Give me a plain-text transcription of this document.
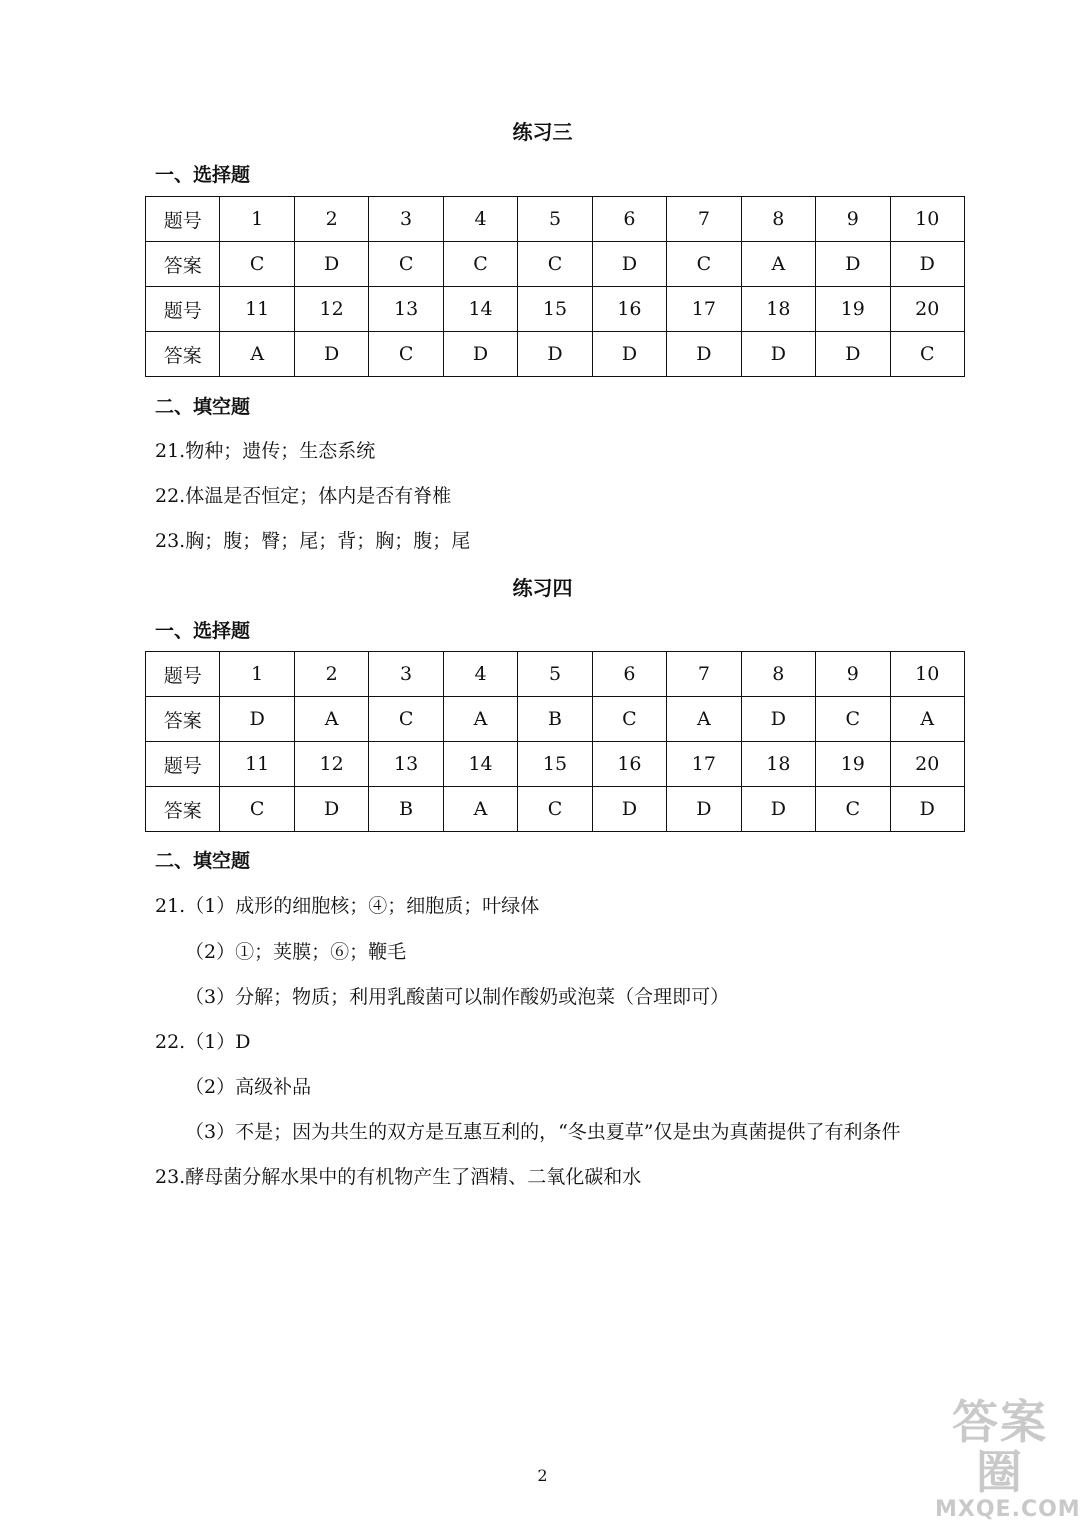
练习三
一、选择题
题号	1	2	3	4	5	6	7	8	9	10
答案	C	D	C	C	C	D	C	A	D	D
题号	11	12	13	14	15	16	17	18	19	20
答案	A	D	C	D	D	D	D	D	D	C
二、填空题
21.物种；遗传；生态系统
22.体温是否恒定；体内是否有脊椎
23.胸；腹；臀；尾；背；胸；腹；尾
练习四
一、选择题
题号	1	2	3	4	5	6	7	8	9	10
答案	D	A	C	A	B	C	A	D	C	A
题号	11	12	13	14	15	16	17	18	19	20
答案	C	D	B	A	C	D	D	D	C	D
二、填空题
21.（1）成形的细胞核；④；细胞质；叶绿体
（2）①；荚膜；⑥；鞭毛
（3）分解；物质；利用乳酸菌可以制作酸奶或泡菜（合理即可）
22.（1）D
（2）高级补品
（3）不是；因为共生的双方是互惠互利的，“冬虫夏草”仅是虫为真菌提供了有利条件
23.酵母菌分解水果中的有机物产生了酒精、二氧化碳和水
2
答案圈
MXQE.COM
